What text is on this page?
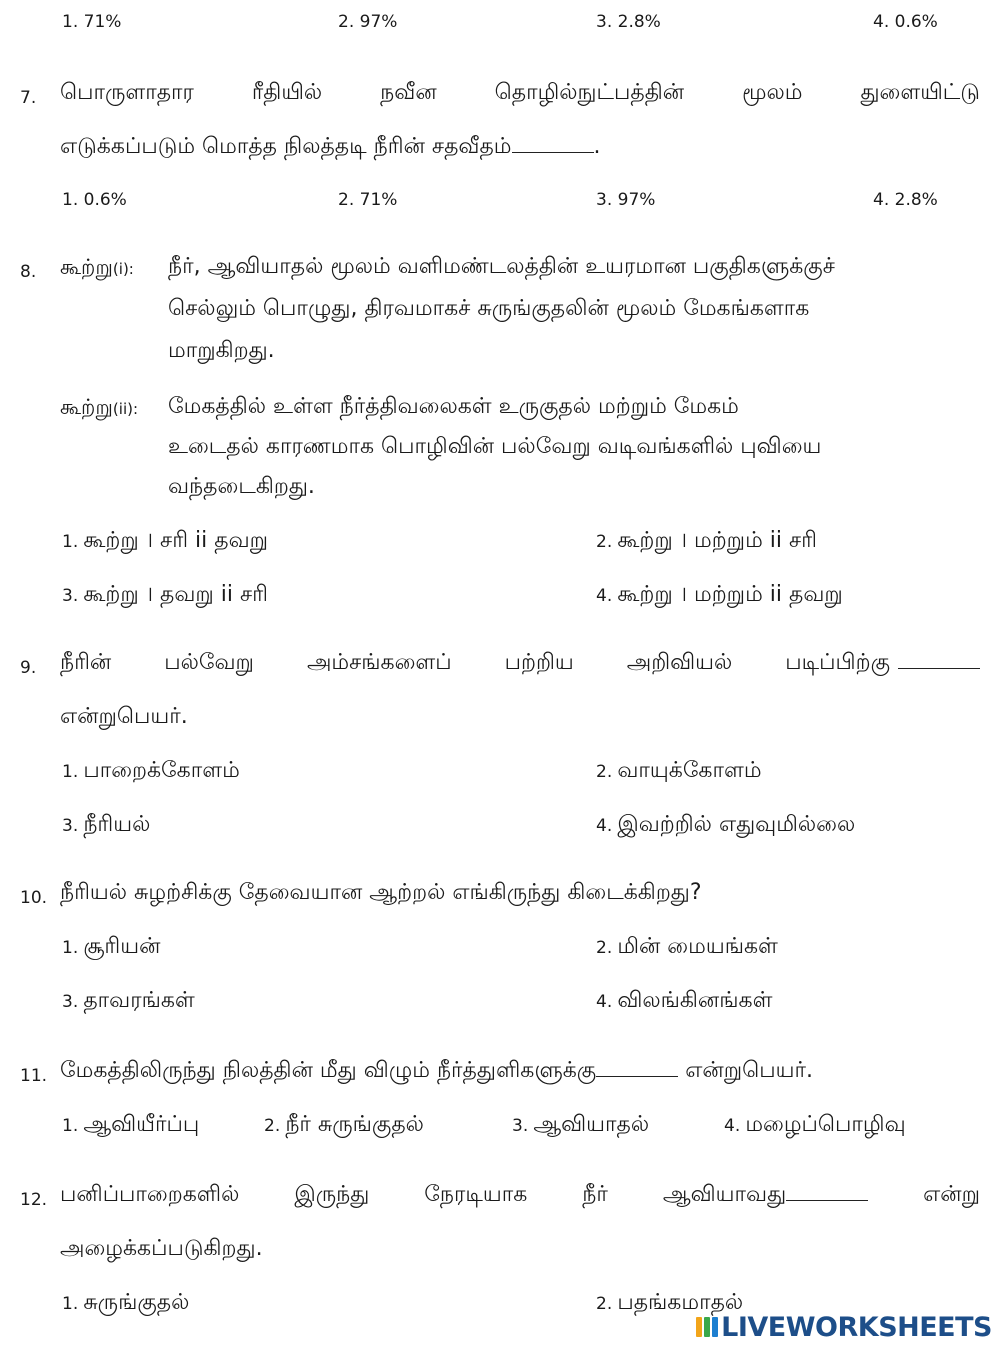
1. 71%	2. 97%	3. 2.8%	4. 0.6%
7. பொருளாதார	ரீதியில்	நவீன	தொழில்நுட்பத்தின்	மூலம்	துளையிட்டு
எடுக்கப்படும் மொத்த நிலத்தடி நீரின் சதவீதம்	.
1. 0.6%	2. 71%	3. 97%	4. 2.8%
8. கூற்று(i): நீர், ஆவியாதல் மூலம் வளிமண்டலத்தின் உயரமான பகுதிகளுக்குச்
செல்லும் பொழுது, திரவமாகச் சுருங்குதலின் மூலம் மேகங்களாக
மாறுகிறது.
கூற்று(ii): மேகத்தில் உள்ள நீர்த்திவலைகள் உருகுதல் மற்றும் மேகம்
உடைதல் காரணமாக பொழிவின் பல்வேறு வடிவங்களில் புவியை
வந்தடைகிறது.
1. கூற்று । சரி ii தவறு	2. கூற்று । மற்றும் ii சரி
3. கூற்று । தவறு ii சரி	4. கூற்று । மற்றும் ii தவறு
9. நீரின் பல்வேறு அம்சங்களைப் பற்றிய அறிவியல் படிப்பிற்கு
என்றுபெயர்.
1. பாறைக்கோளம்	2. வாயுக்கோளம்
3. நீரியல்	4. இவற்றில் எதுவுமில்லை
10. நீரியல் சுழற்சிக்கு தேவையான ஆற்றல் எங்கிருந்து கிடைக்கிறது?
1. சூரியன்	2. மின் மையங்கள்
3. தாவரங்கள்	4. விலங்கினங்கள்
11. மேகத்திலிருந்து நிலத்தின் மீது விழும் நீர்த்துளிகளுக்கு	என்றுபெயர்.
1. ஆவியீர்ப்பு	2. நீர் சுருங்குதல்	3. ஆவியாதல்	4. மழைப்பொழிவு
12. பனிப்பாறைகளில் இருந்து நேரடியாக நீர் ஆவியாவது	என்று
அழைக்கப்படுகிறது.
1. சுருங்குதல்	2. பதங்கமாதல்
LIVEWORKSHEETS
